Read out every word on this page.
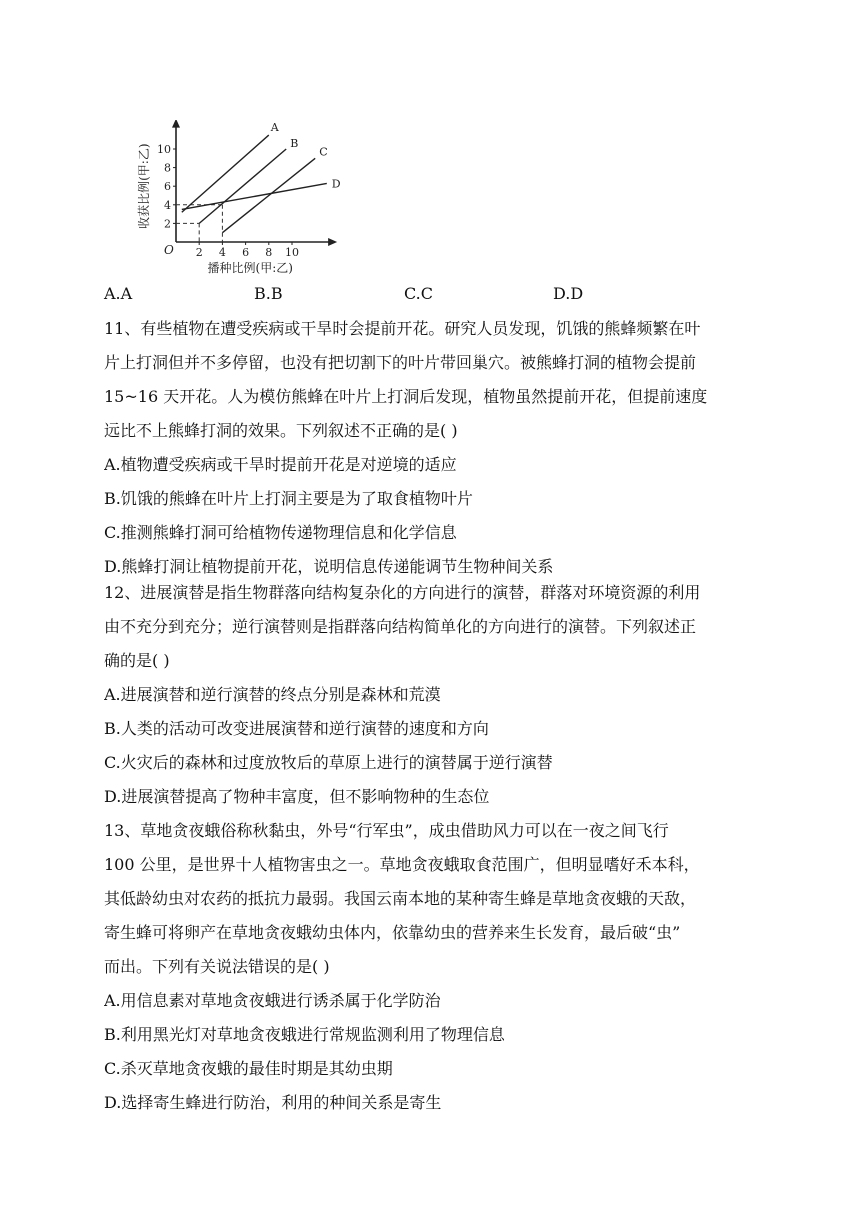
2
4
6
8
10
2 4 6 8 10
O
播种比例(甲:乙)
收获比例(甲:乙)
A
B
C
D
A.A	B.B	C.C	D.D
11、有些植物在遭受疾病或干旱时会提前开花。研究人员发现，饥饿的熊蜂频繁在叶
片上打洞但并不多停留，也没有把切割下的叶片带回巢穴。被熊蜂打洞的植物会提前
15~16 天开花。人为模仿熊蜂在叶片上打洞后发现，植物虽然提前开花，但提前速度
远比不上熊蜂打洞的效果。下列叙述不正确的是( )
A.植物遭受疾病或干旱时提前开花是对逆境的适应
B.饥饿的熊蜂在叶片上打洞主要是为了取食植物叶片
C.推测熊蜂打洞可给植物传递物理信息和化学信息
D.熊蜂打洞让植物提前开花，说明信息传递能调节生物种间关系
12、进展演替是指生物群落向结构复杂化的方向进行的演替，群落对环境资源的利用
由不充分到充分；逆行演替则是指群落向结构简单化的方向进行的演替。下列叙述正
确的是( )
A.进展演替和逆行演替的终点分别是森林和荒漠
B.人类的活动可改变进展演替和逆行演替的速度和方向
C.火灾后的森林和过度放牧后的草原上进行的演替属于逆行演替
D.进展演替提高了物种丰富度，但不影响物种的生态位
13、草地贪夜蛾俗称秋黏虫，外号“行军虫”，成虫借助风力可以在一夜之间飞行
100 公里，是世界十人植物害虫之一。草地贪夜蛾取食范围广，但明显嗜好禾本科，
其低龄幼虫对农药的抵抗力最弱。我国云南本地的某种寄生蜂是草地贪夜蛾的天敌，
寄生蜂可将卵产在草地贪夜蛾幼虫体内，依靠幼虫的营养来生长发育，最后破“虫”
而出。下列有关说法错误的是( )
A.用信息素对草地贪夜蛾进行诱杀属于化学防治
B.利用黑光灯对草地贪夜蛾进行常规监测利用了物理信息
C.杀灭草地贪夜蛾的最佳时期是其幼虫期
D.选择寄生蜂进行防治，利用的种间关系是寄生
